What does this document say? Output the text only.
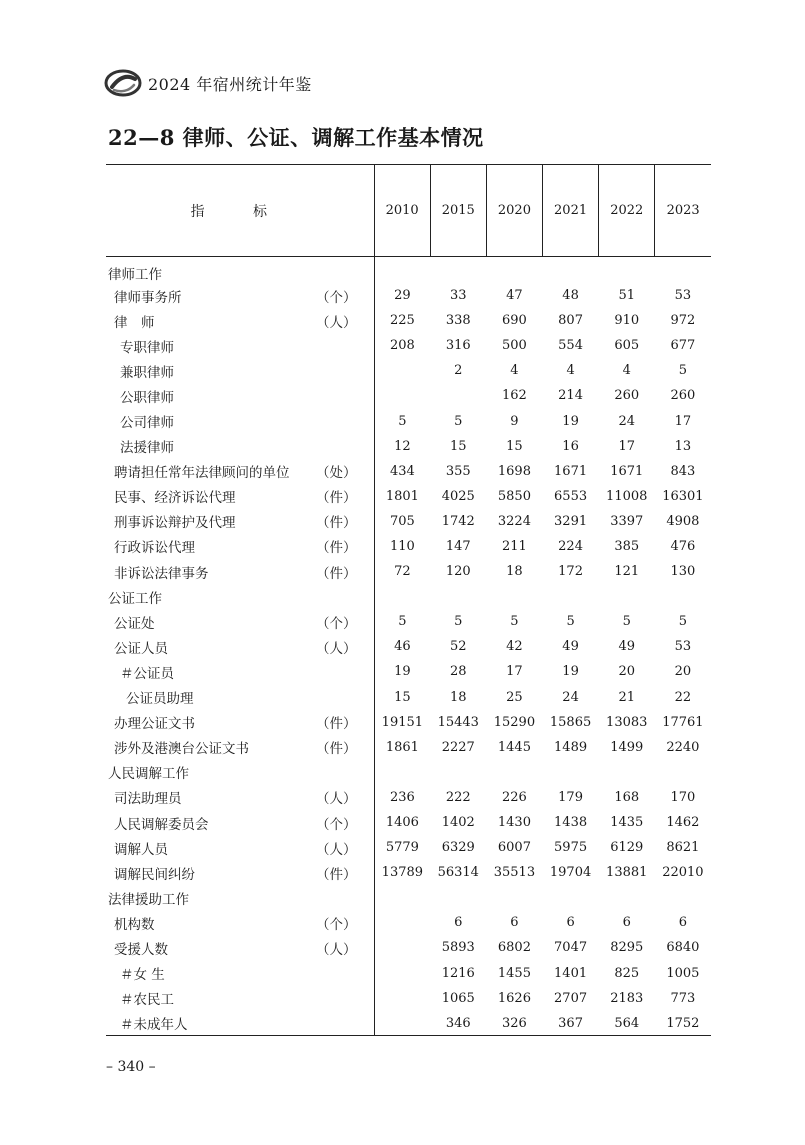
2024 年宿州统计年鉴
22—8 律师、公证、调解工作基本情况
指 标		2010	2015	2020	2021	2022	2023
律师工作							
律师事务所	（个）	29	33	47	48	51	53
律　师	（人）	225	338	690	807	910	972
专职律师		208	316	500	554	605	677
兼职律师			2	4	4	4	5
公职律师				162	214	260	260
公司律师		5	5	9	19	24	17
法援律师		12	15	15	16	17	13
聘请担任常年法律顾问的单位	（处）	434	355	1698	1671	1671	843
民事、经济诉讼代理	（件）	1801	4025	5850	6553	11008	16301
刑事诉讼辩护及代理	（件）	705	1742	3224	3291	3397	4908
行政诉讼代理	（件）	110	147	211	224	385	476
非诉讼法律事务	（件）	72	120	18	172	121	130
公证工作							
公证处	（个）	5	5	5	5	5	5
公证人员	（人）	46	52	42	49	49	53
＃公证员		19	28	17	19	20	20
公证员助理		15	18	25	24	21	22
办理公证文书	（件）	19151	15443	15290	15865	13083	17761
涉外及港澳台公证文书	（件）	1861	2227	1445	1489	1499	2240
人民调解工作							
司法助理员	（人）	236	222	226	179	168	170
人民调解委员会	（个）	1406	1402	1430	1438	1435	1462
调解人员	（人）	5779	6329	6007	5975	6129	8621
调解民间纠纷	（件）	13789	56314	35513	19704	13881	22010
法律援助工作							
机构数	（个）		6	6	6	6	6
受援人数	（人）		5893	6802	7047	8295	6840
＃女 生			1216	1455	1401	825	1005
＃农民工			1065	1626	2707	2183	773
＃未成年人			346	326	367	564	1752
– 340 –
